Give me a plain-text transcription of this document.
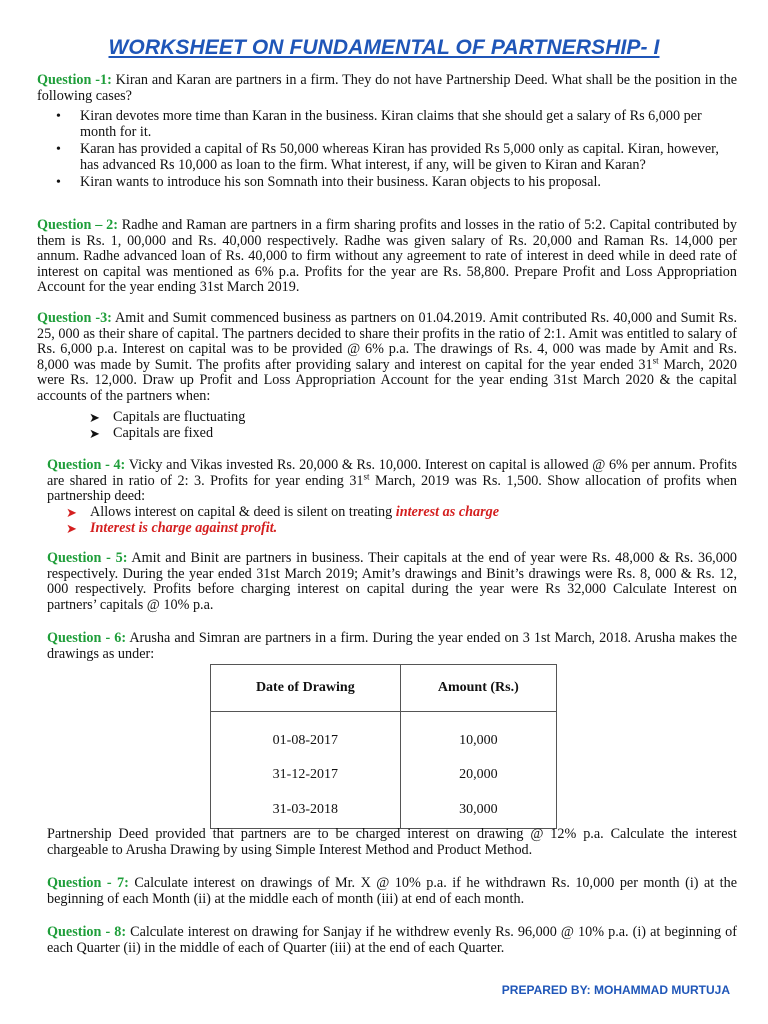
WORKSHEET ON FUNDAMENTAL OF PARTNERSHIP- I
Question -1: Kiran and Karan are partners in a firm. They do not have Partnership Deed. What shall be the position in the following cases?
• Kiran devotes more time than Karan in the business. Kiran claims that she should get a salary of Rs 6,000 per month for it.
• Karan has provided a capital of Rs 50,000 whereas Kiran has provided Rs 5,000 only as capital. Kiran, however, has advanced Rs 10,000 as loan to the firm. What interest, if any, will be given to Kiran and Karan?
• Kiran wants to introduce his son Somnath into their business. Karan objects to his proposal.
Question – 2: Radhe and Raman are partners in a firm sharing profits and losses in the ratio of 5:2. Capital contributed by them is Rs. 1, 00,000 and Rs. 40,000 respectively. Radhe was given salary of Rs. 20,000 and Raman Rs. 14,000 per annum. Radhe advanced loan of Rs. 40,000 to firm without any agreement to rate of interest in deed while in deed rate of interest on capital was mentioned as 6% p.a. Profits for the year are Rs. 58,800. Prepare Profit and Loss Appropriation Account for the year ending 31st March 2019.
Question -3: Amit and Sumit commenced business as partners on 01.04.2019. Amit contributed Rs. 40,000 and Sumit Rs. 25, 000 as their share of capital. The partners decided to share their profits in the ratio of 2:1. Amit was entitled to salary of Rs. 6,000 p.a. Interest on capital was to be provided @ 6% p.a. The drawings of Rs. 4, 000 was made by Amit and Rs. 8,000 was made by Sumit. The profits after providing salary and interest on capital for the year ended 31st March, 2020 were Rs. 12,000. Draw up Profit and Loss Appropriation Account for the year ending 31st March 2020 & the capital accounts of the partners when:
➤ Capitals are fluctuating
➤ Capitals are fixed
Question - 4: Vicky and Vikas invested Rs. 20,000 & Rs. 10,000. Interest on capital is allowed @ 6% per annum. Profits are shared in ratio of 2: 3. Profits for year ending 31st March, 2019 was Rs. 1,500. Show allocation of profits when partnership deed:
➤ Allows interest on capital & deed is silent on treating interest as charge
➤ Interest is charge against profit.
Question - 5: Amit and Binit are partners in business. Their capitals at the end of year were Rs. 48,000 & Rs. 36,000 respectively. During the year ended 31st March 2019; Amit’s drawings and Binit’s drawings were Rs. 8, 000 & Rs. 12, 000 respectively. Profits before charging interest on capital during the year were Rs 32,000 Calculate Interest on partners’ capitals @ 10% p.a.
Question - 6: Arusha and Simran are partners in a firm. During the year ended on 3 1st March, 2018. Arusha makes the drawings as under:
Date of Drawing	Amount (Rs.)

01-08-2017	10,000
31-12-2017	20,000
31-03-2018	30,000
Partnership Deed provided that partners are to be charged interest on drawing @ 12% p.a. Calculate the interest chargeable to Arusha Drawing by using Simple Interest Method and Product Method.
Question - 7: Calculate interest on drawings of Mr. X @ 10% p.a. if he withdrawn Rs. 10,000 per month (i) at the beginning of each Month (ii) at the middle each of month (iii) at end of each month.
Question - 8: Calculate interest on drawing for Sanjay if he withdrew evenly Rs. 96,000 @ 10% p.a. (i) at beginning of each Quarter (ii) in the middle of each of Quarter (iii) at the end of each Quarter.
PREPARED BY: MOHAMMAD MURTUJA
